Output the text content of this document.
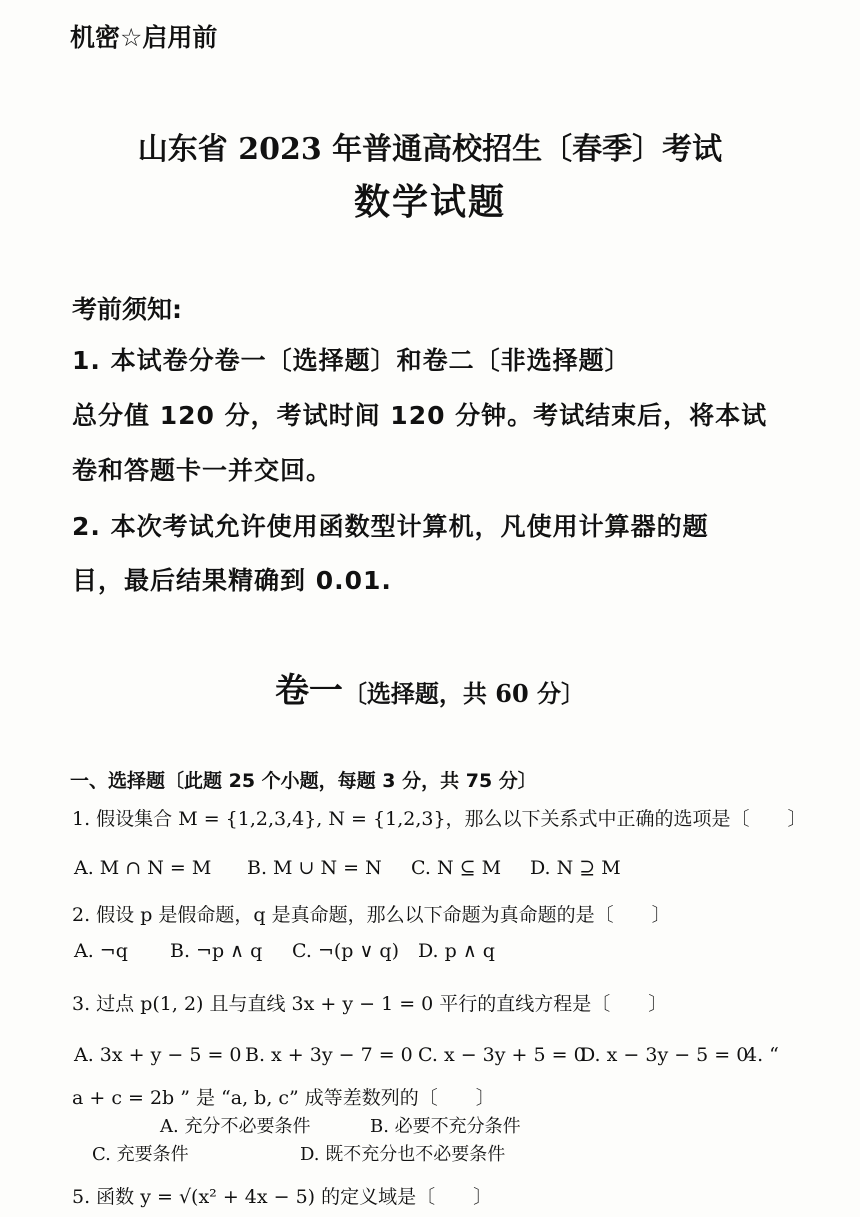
机密☆启用前
山东省 2023 年普通高校招生〔春季〕考试
数学试题
考前须知:
1. 本试卷分卷一〔选择题〕和卷二〔非选择题〕
总分值 120 分，考试时间 120 分钟。考试结束后，将本试
卷和答题卡一并交回。
2. 本次考试允许使用函数型计算机，凡使用计算器的题
目，最后结果精确到 0.01.
卷一〔选择题，共 60 分〕
一、选择题〔此题 25 个小题，每题 3 分，共 75 分〕
1. 假设集合 M = {1,2,3,4}, N = {1,2,3}，那么以下关系式中正确的选项是〔　　〕
A. M ∩ N = M B. M ∪ N = N C. N ⊆ M D. N ⊇ M
2. 假设 p 是假命题，q 是真命题，那么以下命题为真命题的是〔　　〕
A. ¬q B. ¬p ∧ q C. ¬(p ∨ q) D. p ∧ q
3. 过点 p(1, 2) 且与直线 3x + y − 1 = 0 平行的直线方程是〔　　〕
A. 3x + y − 5 = 0 B. x + 3y − 7 = 0 C. x − 3y + 5 = 0
D. x − 3y − 5 = 0
4. “
a + c = 2b ” 是 “a, b, c” 成等差数列的〔　　〕
A. 充分不必要条件	B. 必要不充分条件
C. 充要条件	D. 既不充分也不必要条件
5. 函数 y = √(x² + 4x − 5) 的定义域是〔　　〕
